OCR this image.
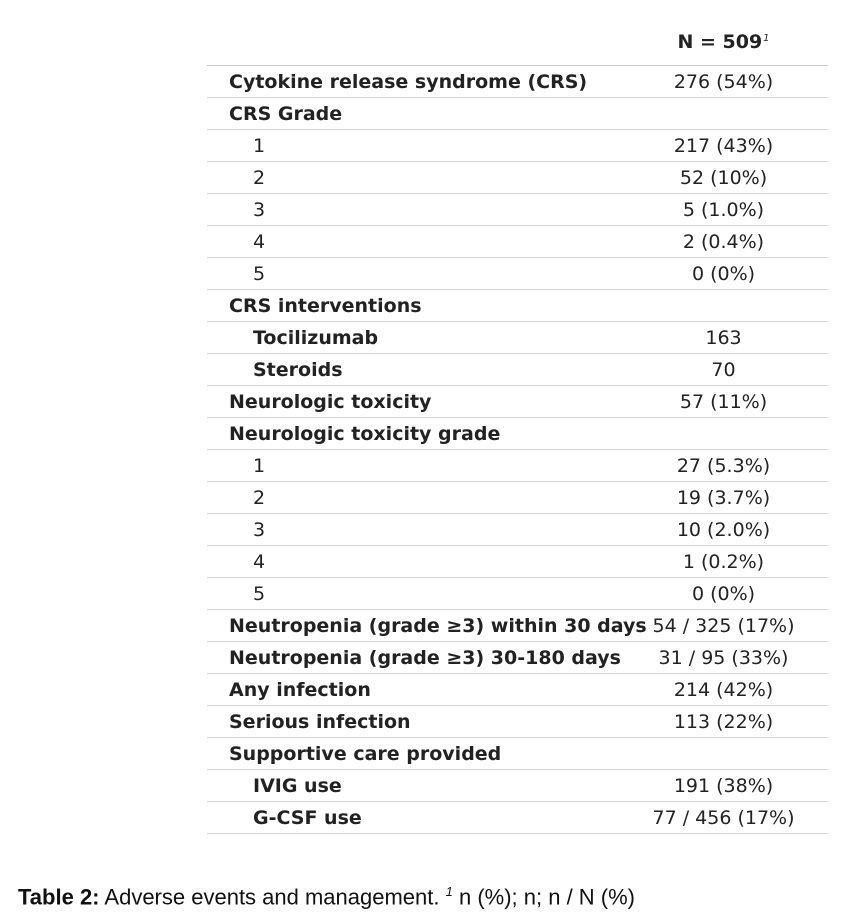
$N = 509^1$
Cytokine release syndrome (CRS)	276 (54%)
CRS Grade
1	217 (43%)
2	52 (10%)
3	5 (1.0%)
4	2 (0.4%)
5	0 (0%)
CRS interventions
Tocilizumab	163
Steroids	70
Neurologic toxicity	57 (11%)
Neurologic toxicity grade
1	27 (5.3%)
2	19 (3.7%)
3	10 (2.0%)
4	1 (0.2%)
5	0 (0%)
Neutropenia (grade ≥3) within 30 days 54 / 325 (17%)
Neutropenia (grade ≥3) 30-180 days	31 / 95 (33%)
Any infection	214 (42%)
Serious infection	113 (22%)
Supportive care provided
IVIG use	191 (38%)
G-CSF use	77 / 456 (17%)
Table 2: Adverse events and management. $^1$ n (%); n; n / N (%)
